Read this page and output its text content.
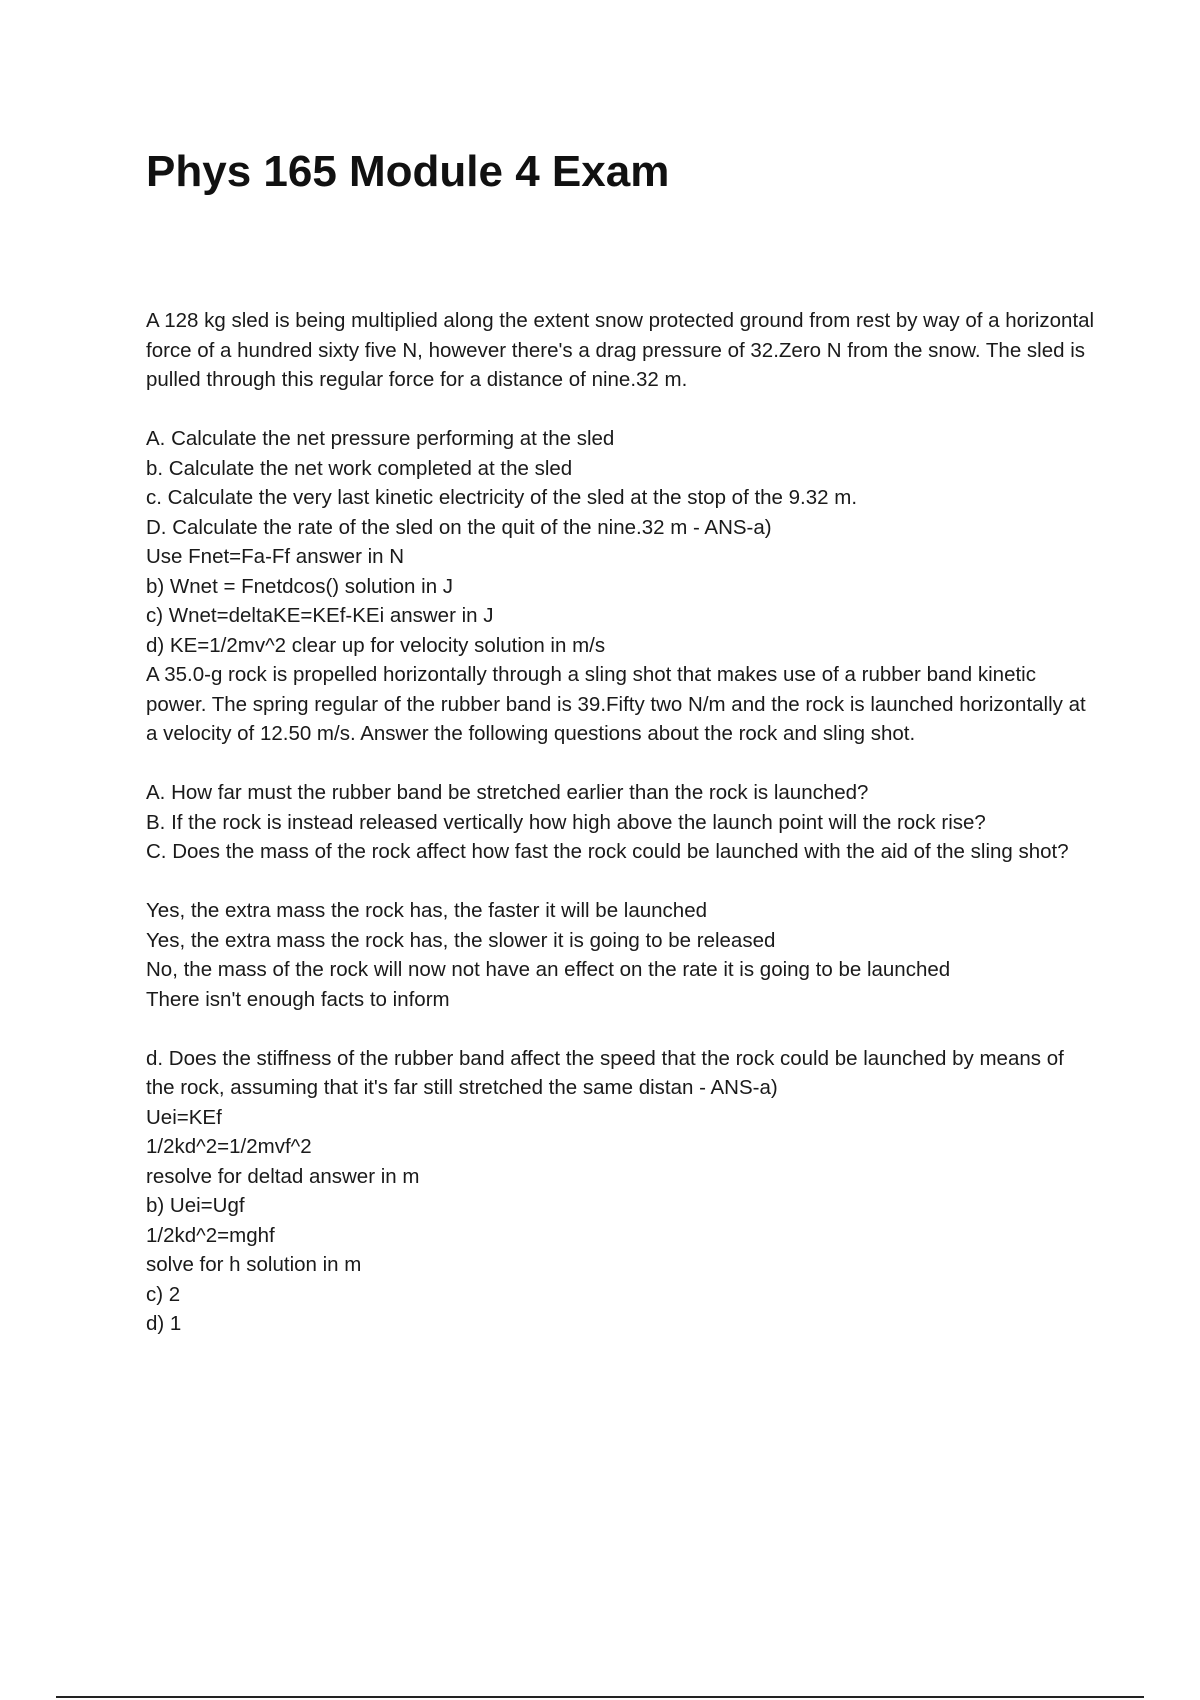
Phys 165 Module 4 Exam

A 128 kg sled is being multiplied along the extent snow protected ground from rest by way of a horizontal force of a hundred sixty five N, however there's a drag pressure of 32.Zero N from the snow. The sled is pulled through this regular force for a distance of nine.32 m.

A. Calculate the net pressure performing at the sled

b. Calculate the net work completed at the sled

c. Calculate the very last kinetic electricity of the sled at the stop of the 9.32 m.

D. Calculate the rate of the sled on the quit of the nine.32 m - ANS-a)

Use Fnet=Fa-Ff answer in N

b) Wnet = Fnetdcos() solution in J

c) Wnet=deltaKE=KEf-KEi answer in J

d) KE=1/2mv^2 clear up for velocity solution in m/s

A 35.0-g rock is propelled horizontally through a sling shot that makes use of a rubber band kinetic power. The spring regular of the rubber band is 39.Fifty two N/m and the rock is launched horizontally at a velocity of 12.50 m/s. Answer the following questions about the rock and sling shot.

A. How far must the rubber band be stretched earlier than the rock is launched?

B. If the rock is instead released vertically how high above the launch point will the rock rise?

C. Does the mass of the rock affect how fast the rock could be launched with the aid of the sling shot?

Yes, the extra mass the rock has, the faster it will be launched

Yes, the extra mass the rock has, the slower it is going to be released

No, the mass of the rock will now not have an effect on the rate it is going to be launched

There isn't enough facts to inform

d. Does the stiffness of the rubber band affect the speed that the rock could be launched by means of the rock, assuming that it's far still stretched the same distan - ANS-a)

Uei=KEf

1/2kd^2=1/2mvf^2

resolve for deltad answer in m

b) Uei=Ugf

1/2kd^2=mghf

solve for h solution in m

c) 2

d) 1
